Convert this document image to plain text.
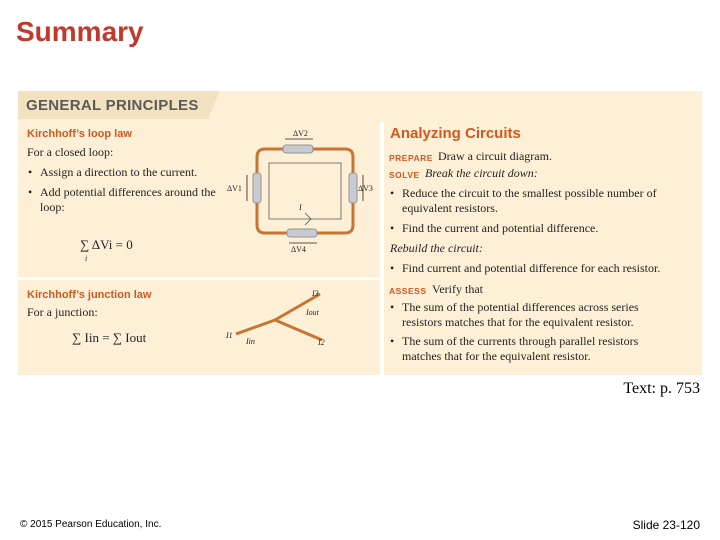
Summary
GENERAL PRINCIPLES
Kirchhoff’s loop law
For a closed loop:
• Assign a direction to the current.
• Add potential differences around the loop:
∑ ΔVi = 0
i
ΔV2
ΔV1	ΔV3
ΔV4
I
Kirchhoff’s junction law
For a junction:
∑ Iin = ∑ Iout
I3
Iout
I1
Iin	I2
Analyzing Circuits
PREPARE Draw a circuit diagram.
SOLVE Break the circuit down:
• Reduce the circuit to the smallest possible number of equivalent resistors.
• Find the current and potential difference.
Rebuild the circuit:
• Find current and potential difference for each resistor.
ASSESS Verify that
• The sum of the potential differences across series resistors matches that for the equivalent resistor.
• The sum of the currents through parallel resistors matches that for the equivalent resistor.
Text: p. 753
© 2015 Pearson Education, Inc.	Slide 23-120
